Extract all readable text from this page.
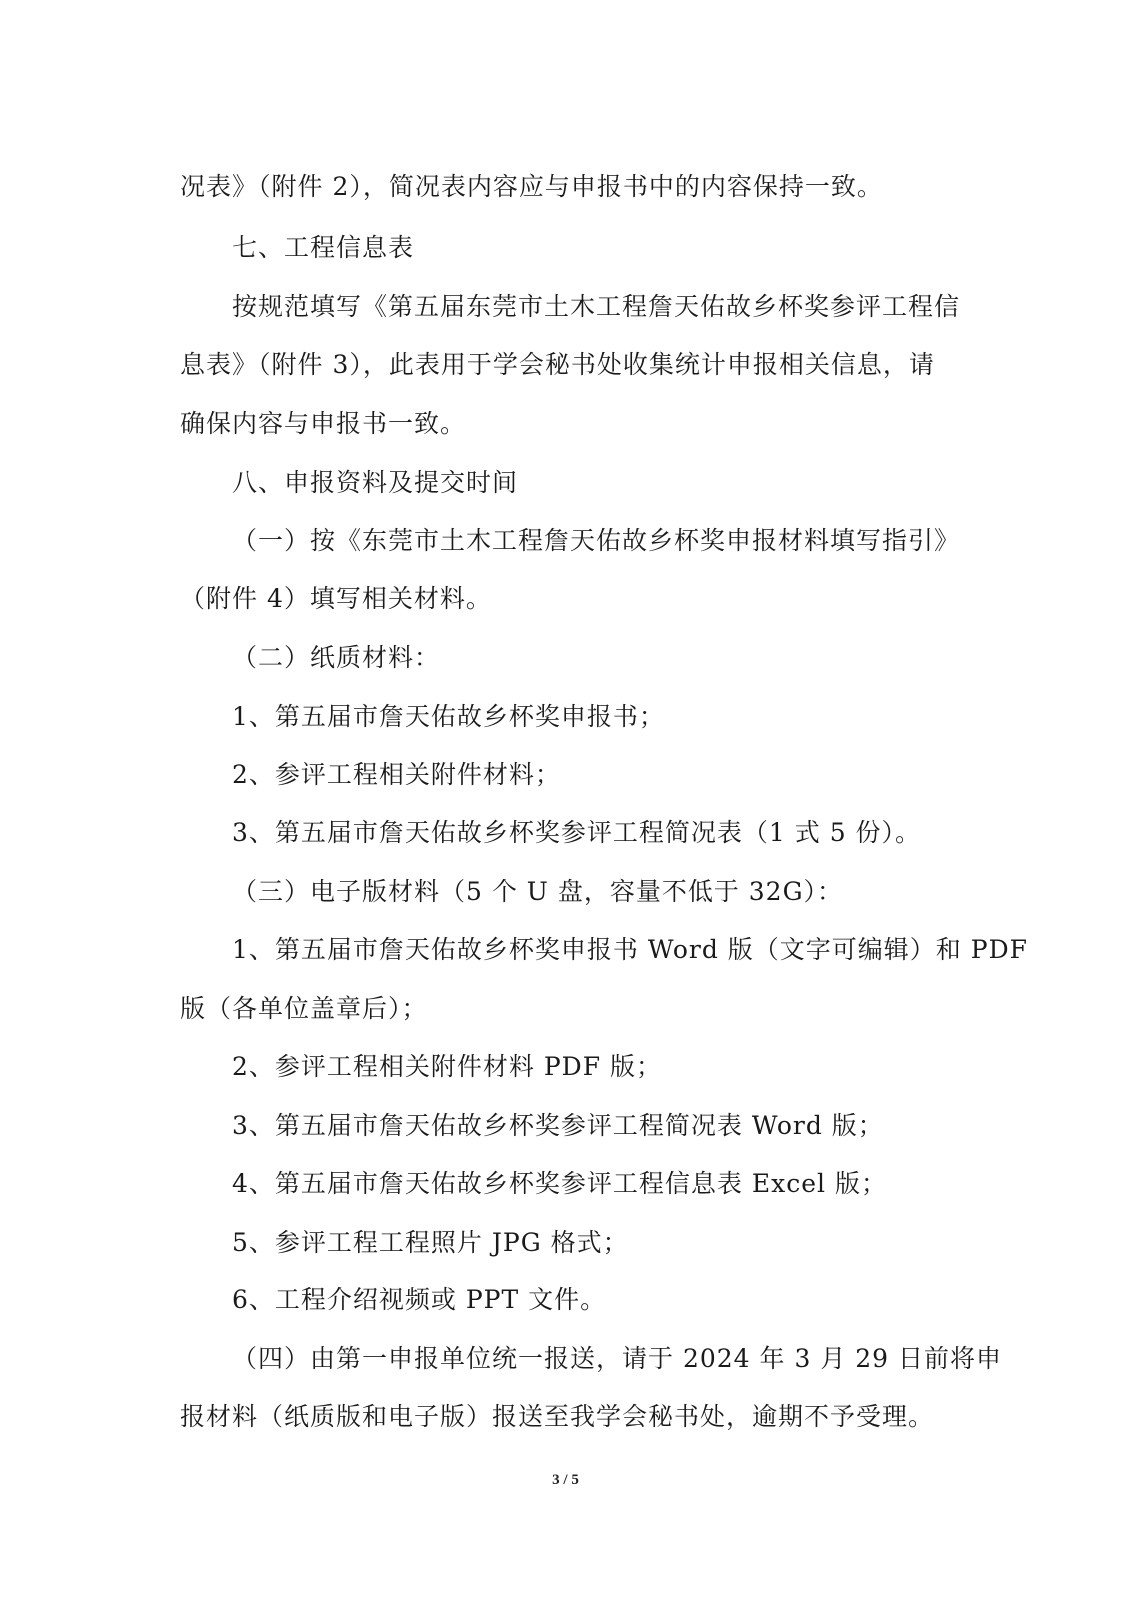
况表》（附件 2），简况表内容应与申报书中的内容保持一致。
七、工程信息表
按规范填写《第五届东莞市土木工程詹天佑故乡杯奖参评工程信
息表》（附件 3），此表用于学会秘书处收集统计申报相关信息，请
确保内容与申报书一致。
八、申报资料及提交时间
（一）按《东莞市土木工程詹天佑故乡杯奖申报材料填写指引》
（附件 4）填写相关材料。
（二）纸质材料：
1、第五届市詹天佑故乡杯奖申报书；
2、参评工程相关附件材料；
3、第五届市詹天佑故乡杯奖参评工程简况表（1 式 5 份）。
（三）电子版材料（5 个 U 盘，容量不低于 32G）：
1、第五届市詹天佑故乡杯奖申报书 Word 版（文字可编辑）和 PDF
版（各单位盖章后）；
2、参评工程相关附件材料 PDF 版；
3、第五届市詹天佑故乡杯奖参评工程简况表 Word 版；
4、第五届市詹天佑故乡杯奖参评工程信息表 Excel 版；
5、参评工程工程照片 JPG 格式；
6、工程介绍视频或 PPT 文件。
（四）由第一申报单位统一报送，请于 2024 年 3 月 29 日前将申
报材料（纸质版和电子版）报送至我学会秘书处，逾期不予受理。
3 / 5
